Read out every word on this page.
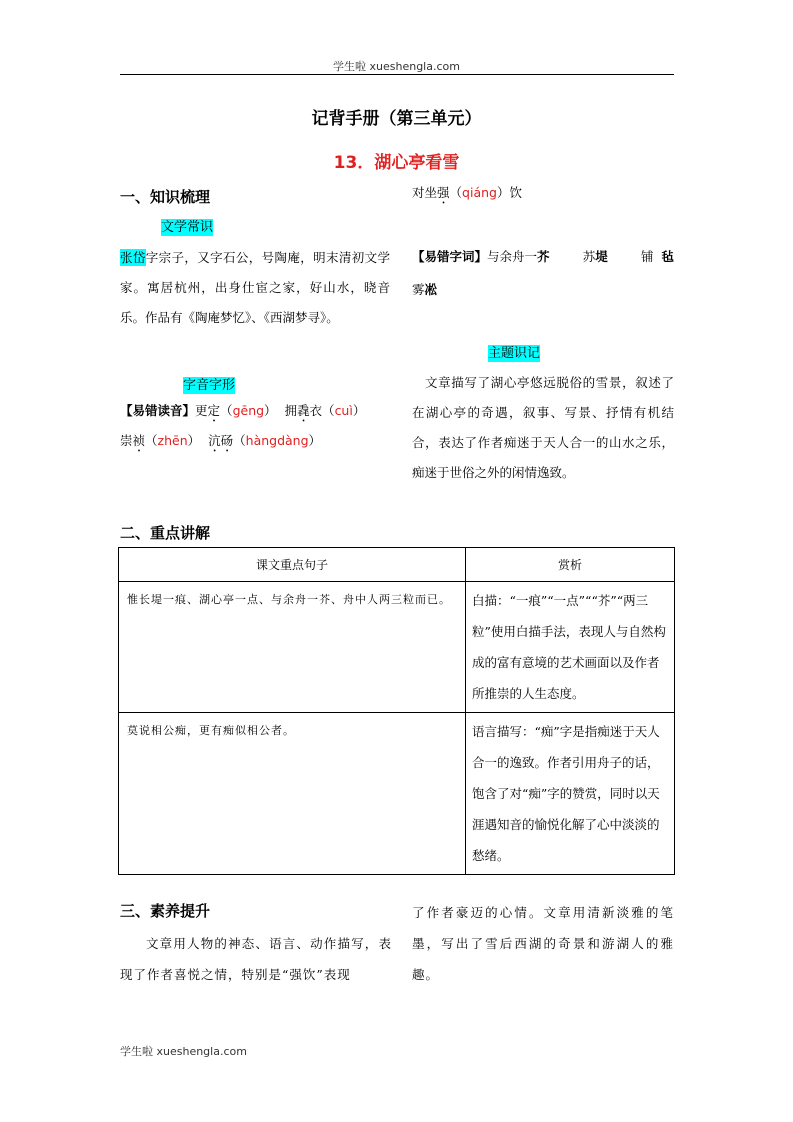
学生啦 xueshengla.com
记背手册（第三单元）
13．湖心亭看雪
一、知识梳理
文学常识
张岱字宗子，又字石公，号陶庵，明末清初文学家。寓居杭州，出身仕宦之家，好山水，晓音乐。作品有《陶庵梦忆》、《西湖梦寻》。
字音字形
【易错读音】更定（gēng）  拥毳衣（cuì）
崇祯（zhēn）  沆砀（hàngdàng）
对坐强（qiáng）饮
【易错字词】与余舟一芥	苏堤	铺 毡
雾凇
主题识记
文章描写了湖心亭悠远脱俗的雪景，叙述了在湖心亭的奇遇，叙事、写景、抒情有机结合，表达了作者痴迷于天人合一的山水之乐，痴迷于世俗之外的闲情逸致。
二、重点讲解
课文重点句子	赏析
惟长堤一痕、湖心亭一点、与余舟一芥、舟中人两三粒而已。	白描：“一痕”“一点”““芥”“两三粒”使用白描手法，表现人与自然构成的富有意境的艺术画面以及作者所推崇的人生态度。
莫说相公痴，更有痴似相公者。	语言描写：“痴”字是指痴迷于天人合一的逸致。作者引用舟子的话，饱含了对“痴”字的赞赏，同时以天涯遇知音的愉悦化解了心中淡淡的愁绪。
三、素养提升
文章用人物的神态、语言、动作描写，表现了作者喜悦之情，特别是“强饮”表现
了作者豪迈的心情。文章用清新淡雅的笔墨，写出了雪后西湖的奇景和游湖人的雅趣。
学生啦 xueshengla.com
